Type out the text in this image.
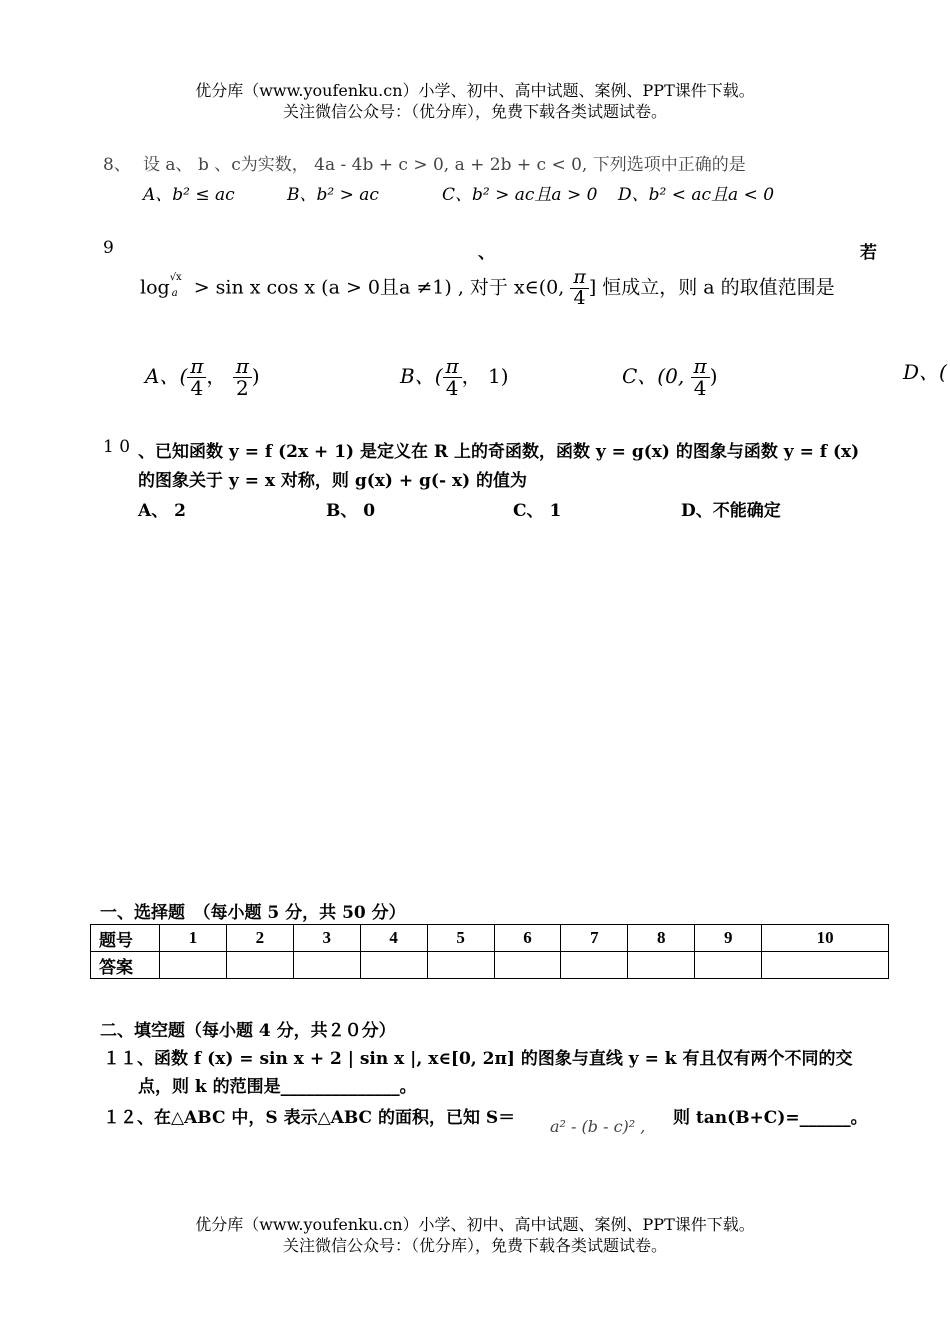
优分库（www.youfenku.cn）小学、初中、高中试题、案例、PPT课件下载。
关注微信公众号：（优分库），免费下载各类试题试卷。
8、 设 a、 b 、c为实数， 4a - 4b + c > 0, a + 2b + c < 0, 下列选项中正确的是
A、b² ≤ ac	B、b² > ac	C、b² > ac且a > 0 D、b² < ac且a < 0
9	、	若
log √x
a > sin x cos x (a > 0且a ≠1) , 对于 x∈(0, $\frac{\pi}{4}$ ] 恒成立，则 a 的取值范围是
A、( $\frac{\pi}{4}$ ， $\frac{\pi}{2}$ )	B、( $\frac{\pi}{4}$ ， 1)	C、(0, $\frac{\pi}{4}$ )	D、(
1 0 、已知函数 y = f (2x + 1) 是定义在 R 上的奇函数，函数 y = g(x) 的图象与函数 y = f (x)
的图象关于 y = x 对称，则 g(x) + g(- x) 的值为
A、 2	B、 0	C、 1	D、不能确定
一、选择题　（每小题 5 分，共 50 分）
题号	1	2	3	4	5	6	7	8	9	10
答案										
二、填空题（每小题 4 分，共２０分）
１１、函数 f (x) = sin x + 2 | sin x |, x∈[0, 2π] 的图象与直线 y = k 有且仅有两个不同的交
点，则 k 的范围是______________。
１２、在△ABC 中，S 表示△ABC 的面积，已知 S＝ a² - (b - c)² , 则 tan(B+C)=______。
优分库（www.youfenku.cn）小学、初中、高中试题、案例、PPT课件下载。
关注微信公众号：（优分库），免费下载各类试题试卷。
